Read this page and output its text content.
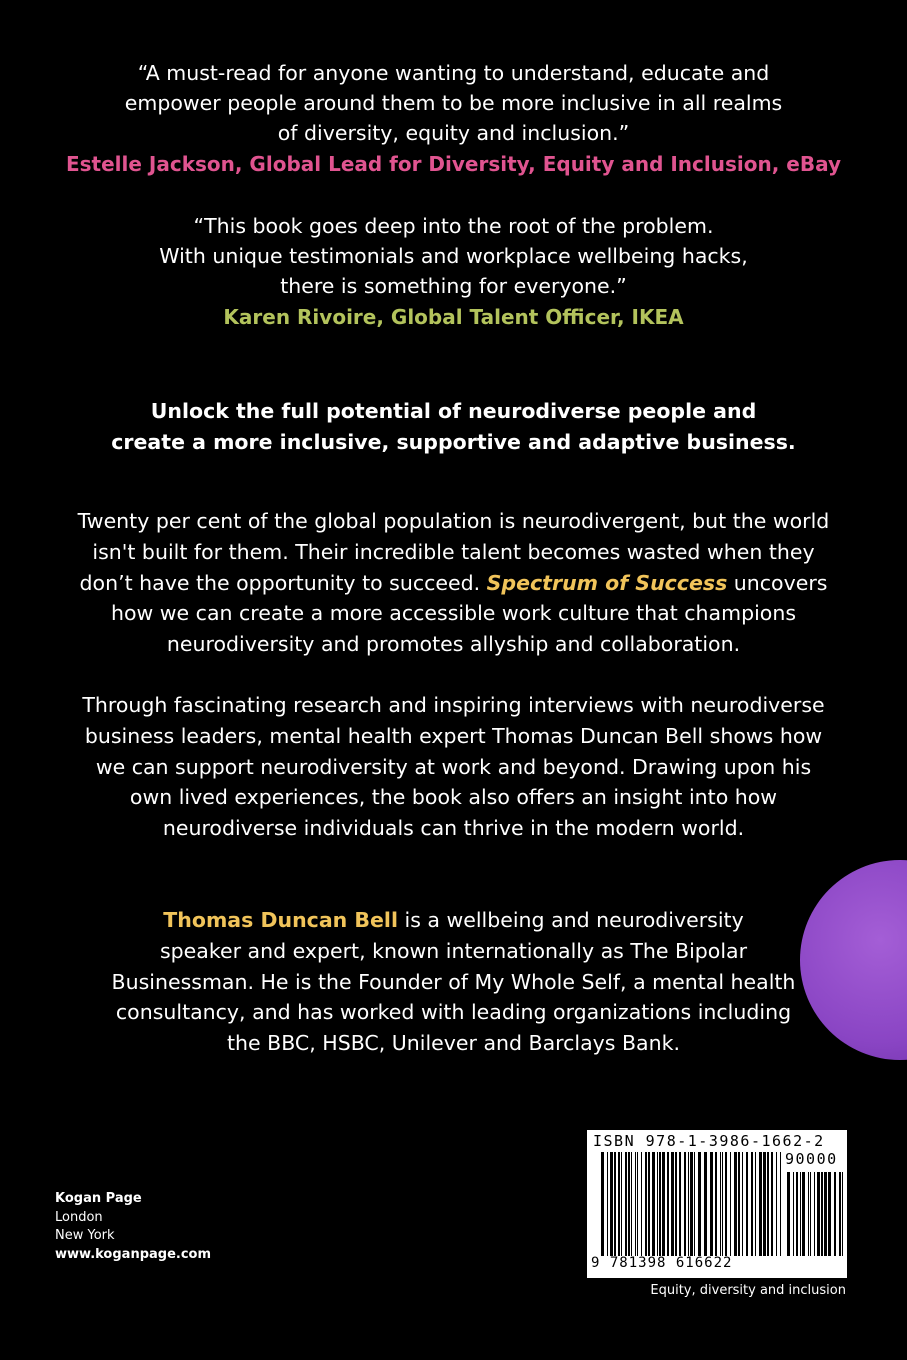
“A must-read for anyone wanting to understand, educate and
empower people around them to be more inclusive in all realms
of diversity, equity and inclusion.”
Estelle Jackson, Global Lead for Diversity, Equity and Inclusion, eBay
“This book goes deep into the root of the problem.
With unique testimonials and workplace wellbeing hacks,
there is something for everyone.”
Karen Rivoire, Global Talent Officer, IKEA
Unlock the full potential of neurodiverse people and
create a more inclusive, supportive and adaptive business.
Twenty per cent of the global population is neurodivergent, but the world
isn't built for them. Their incredible talent becomes wasted when they
don’t have the opportunity to succeed. Spectrum of Success uncovers
how we can create a more accessible work culture that champions
neurodiversity and promotes allyship and collaboration.
Through fascinating research and inspiring interviews with neurodiverse
business leaders, mental health expert Thomas Duncan Bell shows how
we can support neurodiversity at work and beyond. Drawing upon his
own lived experiences, the book also offers an insight into how
neurodiverse individuals can thrive in the modern world.
Thomas Duncan Bell is a wellbeing and neurodiversity
speaker and expert, known internationally as The Bipolar
Businessman. He is the Founder of My Whole Self, a mental health
consultancy, and has worked with leading organizations including
the BBC, HSBC, Unilever and Barclays Bank.
Kogan Page
London
New York
www.koganpage.com
ISBN 978-1-3986-1662-2
90000
9 781398 616622
Equity, diversity and inclusion
